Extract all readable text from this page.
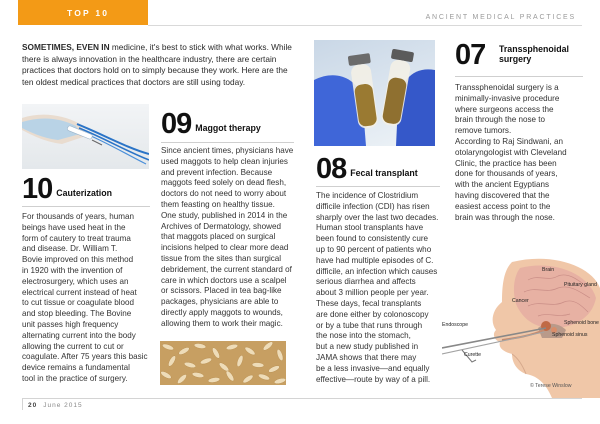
TOP 10	ANCIENT MEDICAL PRACTICES

SOMETIMES, EVEN IN medicine, it's best to stick with what works. While there is always innovation in the healthcare industry, there are certain practices that doctors hold on to simply because they work. Here are the ten oldest medical practices that doctors are still using today.

10 Cauterization
For thousands of years, human
beings have used heat in the
form of cautery to treat trauma
and disease. Dr. William T.
Bovie improved on this method
in 1920 with the invention of
electrosurgery, which uses an
electrical current instead of heat
to cut tissue or coagulate blood
and stop bleeding. The Bovine
unit passes high frequency
alternating current into the body
allowing the current to cut or
coagulate. After 75 years this basic
device remains a fundamental
tool in the practice of surgery.
09 Maggot therapy
Since ancient times, physicians have
used maggots to help clean injuries
and prevent infection. Because
maggots feed solely on dead flesh,
doctors do not need to worry about
them feasting on healthy tissue.
One study, published in 2014 in the
Archives of Dermatology, showed
that maggots placed on surgical
incisions helped to clear more dead
tissue from the sites than surgical
debridement, the current standard of
care in which doctors use a scalpel
or scissors. Placed in tea bag-like
packages, physicians are able to
directly apply maggots to wounds,
allowing them to work their magic.
08 Fecal transplant
The incidence of Clostridium
difficile infection (CDI) has risen
sharply over the last two decades.
Human stool transplants have
been found to consistently cure
up to 90 percent of patients who
have had multiple episodes of C.
difficile, an infection which causes
serious diarrhea and affects
about 3 million people per year.
These days, fecal transplants
are done either by colonoscopy
or by a tube that runs through
the nose into the stomach,
but a new study published in
JAMA shows that there may
be a less invasive—and equally
effective—route by way of a pill.
07 Transsphenoidal surgery
Transsphenoidal surgery is a
minimally-invasive procedure
where surgeons access the
brain through the nose to
remove tumors.
According to Raj Sindwani, an
otolaryngologist with Cleveland
Clinic, the practice has been
done for thousands of years,
with the ancient Egyptians
having discovered that the
easiest access point to the
brain was through the nose.
Brain
Cancer
Pituitary gland
Sphenoid bone
Sphenoid sinus
Endoscope
Curette
© Terese Winslow
20 June 2015
